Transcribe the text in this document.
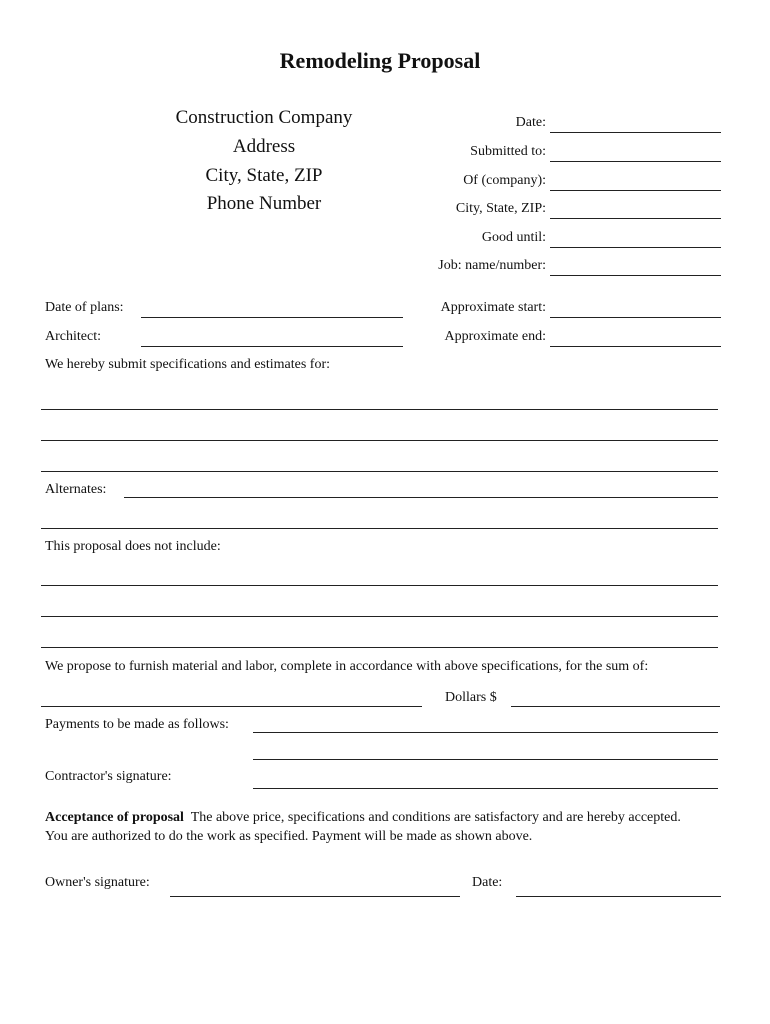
Remodeling Proposal
Construction Company
Address
City, State, ZIP
Phone Number
Date:
Submitted to:
Of (company):
City, State, ZIP:
Good until:
Job: name/number:
Date of plans:	Approximate start:
Architect:	Approximate end:
We hereby submit specifications and estimates for:
Alternates:
This proposal does not include:
We propose to furnish material and labor, complete in accordance with above specifications, for the sum of:
Dollars $
Payments to be made as follows:
Contractor's signature:
Acceptance of proposal The above price, specifications and conditions are satisfactory and are hereby accepted. You are authorized to do the work as specified. Payment will be made as shown above.
Owner's signature:	Date:
